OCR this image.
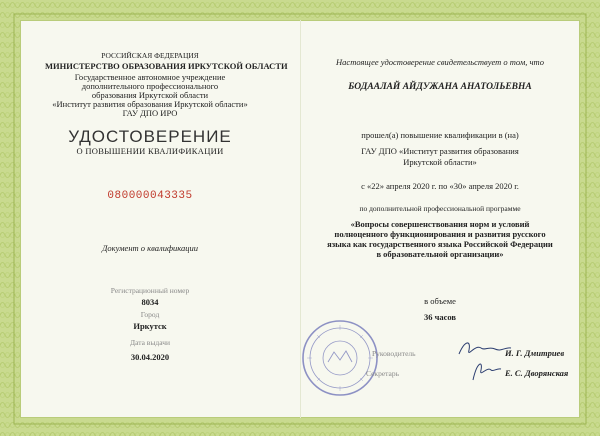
РОССИЙСКАЯ ФЕДЕРАЦИЯ
МИНИСТЕРСТВО ОБРАЗОВАНИЯ ИРКУТСКОЙ ОБЛАСТИ
Государственное автономное учреждение
дополнительного профессионального
образования Иркутской области
«Институт развития образования Иркутской области»
ГАУ ДПО ИРО
УДОСТОВЕРЕНИЕ
О ПОВЫШЕНИИ КВАЛИФИКАЦИИ
080000043335
Документ о квалификации
Регистрационный номер
8034
Город
Иркутск
Дата выдачи
30.04.2020
Настоящее удостоверение свидетельствует о том, что
БОДААЛАЙ АЙДУЖАНА АНАТОЛЬЕВНА
прошел(а) повышение квалификации в (на)
ГАУ ДПО «Институт развития образования
Иркутской области»
с «22» апреля 2020 г. по «30» апреля 2020 г.
по дополнительной профессиональной программе
«Вопросы совершенствования норм и условий
полноценного функционирования и развития русского
языка как государственного языка Российской Федерации
в образовательной организации»
в объеме
36 часов
Руководитель	И. Г. Дмитриев
Секретарь	Е. С. Дворянская
